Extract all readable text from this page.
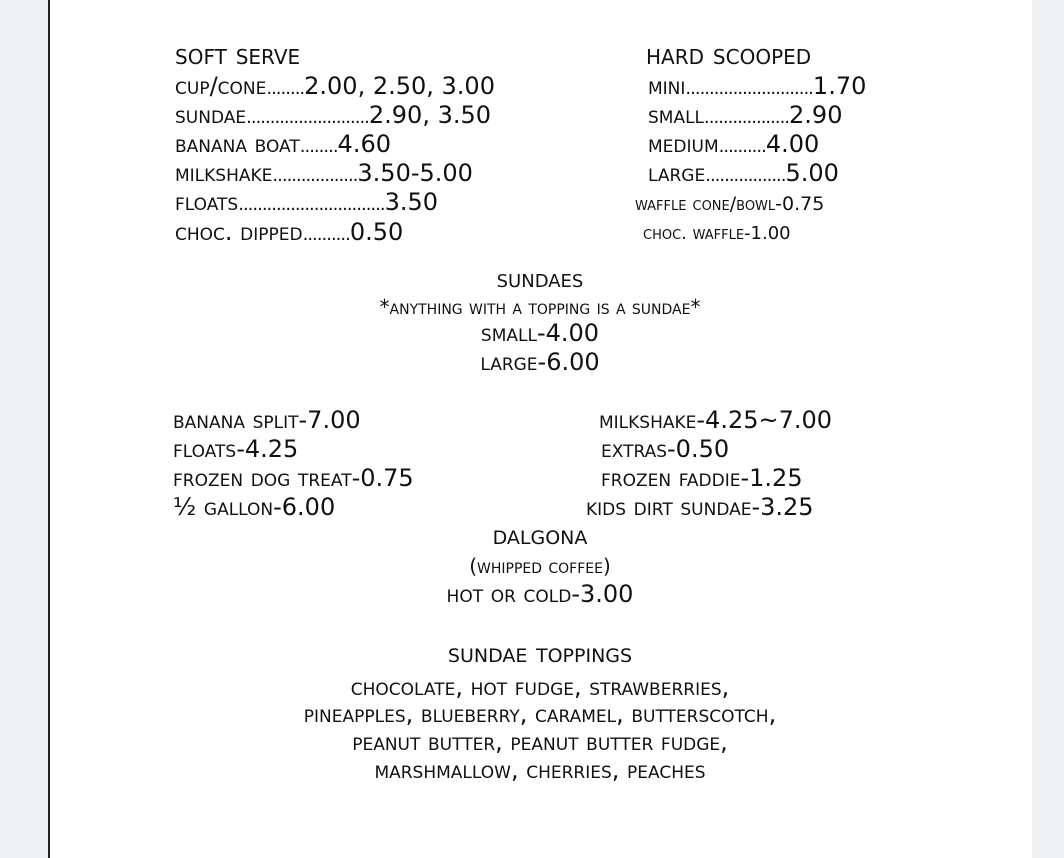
soft serve
cup/cone........2.00, 2.50, 3.00
sundae..........................2.90, 3.50
banana boat........4.60
milkshake..................3.50-5.00
floats...............................3.50
choc. dipped..........0.50
hard scooped
mini...........................1.70
small..................2.90
medium..........4.00
large.................5.00
waffle cone/bowl-0.75
choc. waffle-1.00
sundaes
*anything with a topping is a sundae*
small-4.00
large-6.00
banana split-7.00
floats-4.25
frozen dog treat-0.75
½ gallon-6.00
milkshake-4.25~7.00
extras-0.50
frozen faddie-1.25
kids dirt sundae-3.25
dalgona
(whipped coffee)
hot or cold-3.00
sundae toppings
chocolate, hot fudge, strawberries,
pineapples, blueberry, caramel, butterscotch,
peanut butter, peanut butter fudge,
marshmallow, cherries, peaches
